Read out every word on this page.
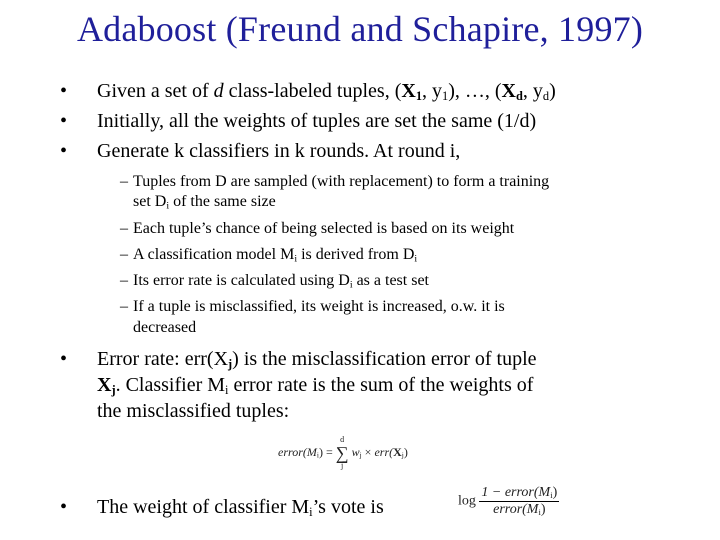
Adaboost (Freund and Schapire, 1997)
• Given a set of d class-labeled tuples, ($X_1$, $y_1$), …, ($X_d$, $y_d$)
• Initially, all the weights of tuples are set the same (1/d)
• Generate k classifiers in k rounds. At round i,
– Tuples from D are sampled (with replacement) to form a training
set $D_i$ of the same size
– Each tuple’s chance of being selected is based on its weight
– A classification model $M_i$ is derived from $D_i$
– Its error rate is calculated using $D_i$ as a test set
– If a tuple is misclassified, its weight is increased, o.w. it is
decreased
• Error rate: $err(X_j)$ is the misclassification error of tuple
$X_j$. Classifier $M_i$ error rate is the sum of the weights of
the misclassified tuples:
$error(M_i)$ =
d
∑
j
$w_j \times err(X_j)$
• The weight of classifier $M_i’s$ vote is	$\log \frac{1 - error(M_i)}{error(M_i)}$
